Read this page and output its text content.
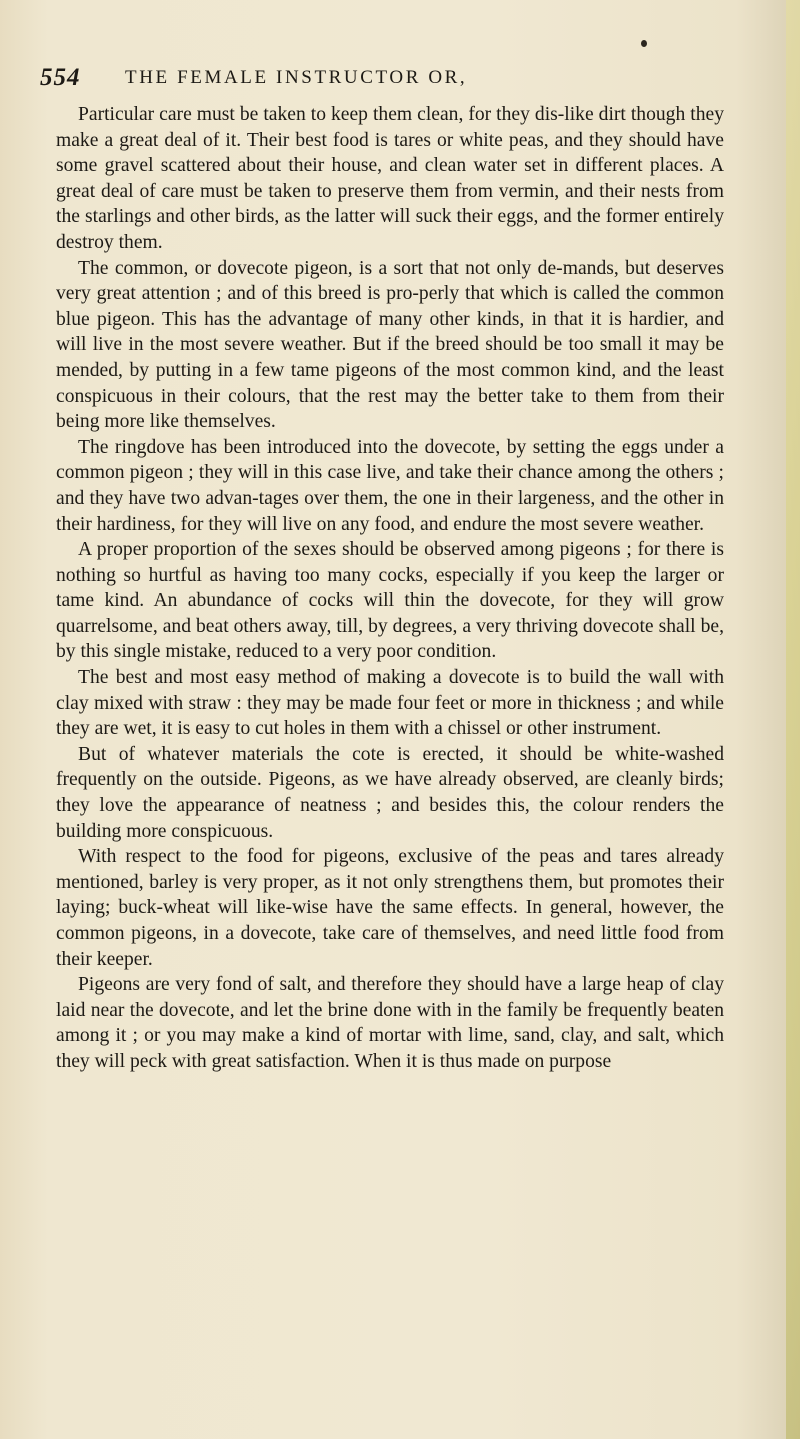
554 THE FEMALE INSTRUCTOR OR,

Particular care must be taken to keep them clean, for they dis-like dirt though they make a great deal of it. Their best food is tares or white peas, and they should have some gravel scattered about their house, and clean water set in different places. A great deal of care must be taken to preserve them from vermin, and their nests from the starlings and other birds, as the latter will suck their eggs, and the former entirely destroy them.

The common, or dovecote pigeon, is a sort that not only de-mands, but deserves very great attention ; and of this breed is pro-perly that which is called the common blue pigeon. This has the advantage of many other kinds, in that it is hardier, and will live in the most severe weather. But if the breed should be too small it may be mended, by putting in a few tame pigeons of the most common kind, and the least conspicuous in their colours, that the rest may the better take to them from their being more like themselves.

The ringdove has been introduced into the dovecote, by setting the eggs under a common pigeon ; they will in this case live, and take their chance among the others ; and they have two advan-tages over them, the one in their largeness, and the other in their hardiness, for they will live on any food, and endure the most severe weather.

A proper proportion of the sexes should be observed among pigeons ; for there is nothing so hurtful as having too many cocks, especially if you keep the larger or tame kind. An abundance of cocks will thin the dovecote, for they will grow quarrelsome, and beat others away, till, by degrees, a very thriving dovecote shall be, by this single mistake, reduced to a very poor condition.

The best and most easy method of making a dovecote is to build the wall with clay mixed with straw : they may be made four feet or more in thickness ; and while they are wet, it is easy to cut holes in them with a chissel or other instrument.

But of whatever materials the cote is erected, it should be white-washed frequently on the outside. Pigeons, as we have already observed, are cleanly birds; they love the appearance of neatness ; and besides this, the colour renders the building more conspicuous.

With respect to the food for pigeons, exclusive of the peas and tares already mentioned, barley is very proper, as it not only strengthens them, but promotes their laying; buck-wheat will like-wise have the same effects. In general, however, the common pigeons, in a dovecote, take care of themselves, and need little food from their keeper.

Pigeons are very fond of salt, and therefore they should have a large heap of clay laid near the dovecote, and let the brine done with in the family be frequently beaten among it ; or you may make a kind of mortar with lime, sand, clay, and salt, which they will peck with great satisfaction. When it is thus made on purpose
